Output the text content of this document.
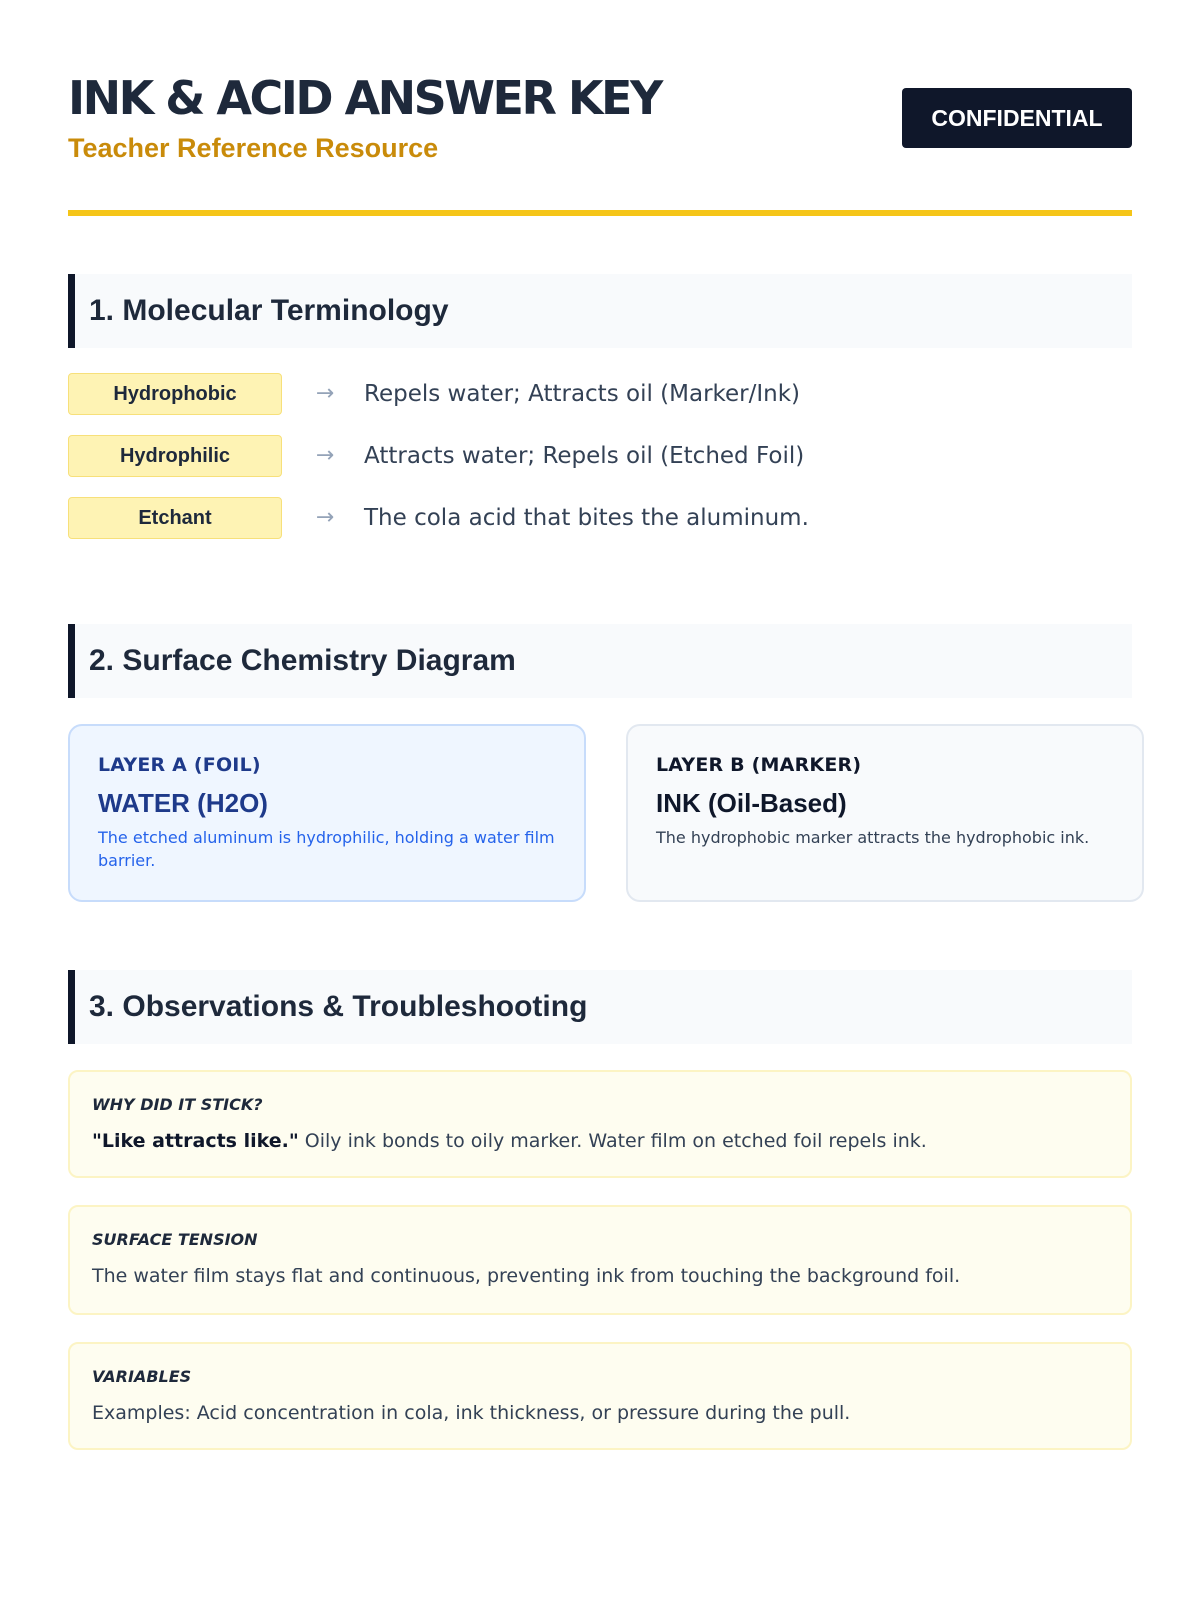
INK & ACID ANSWER KEY
Teacher Reference Resource
CONFIDENTIAL
1. Molecular Terminology
Hydrophobic	→ Repels water; Attracts oil (Marker/Ink)
Hydrophilic	→ Attracts water; Repels oil (Etched Foil)
Etchant	→ The cola acid that bites the aluminum.
2. Surface Chemistry Diagram
LAYER A (FOIL)
WATER (H2O)
The etched aluminum is hydrophilic, holding a water film barrier.
LAYER B (MARKER)
INK (Oil-Based)
The hydrophobic marker attracts the hydrophobic ink.
3. Observations & Troubleshooting
WHY DID IT STICK?
"Like attracts like." Oily ink bonds to oily marker. Water film on etched foil repels ink.
SURFACE TENSION
The water film stays flat and continuous, preventing ink from touching the background foil.
VARIABLES
Examples: Acid concentration in cola, ink thickness, or pressure during the pull.
